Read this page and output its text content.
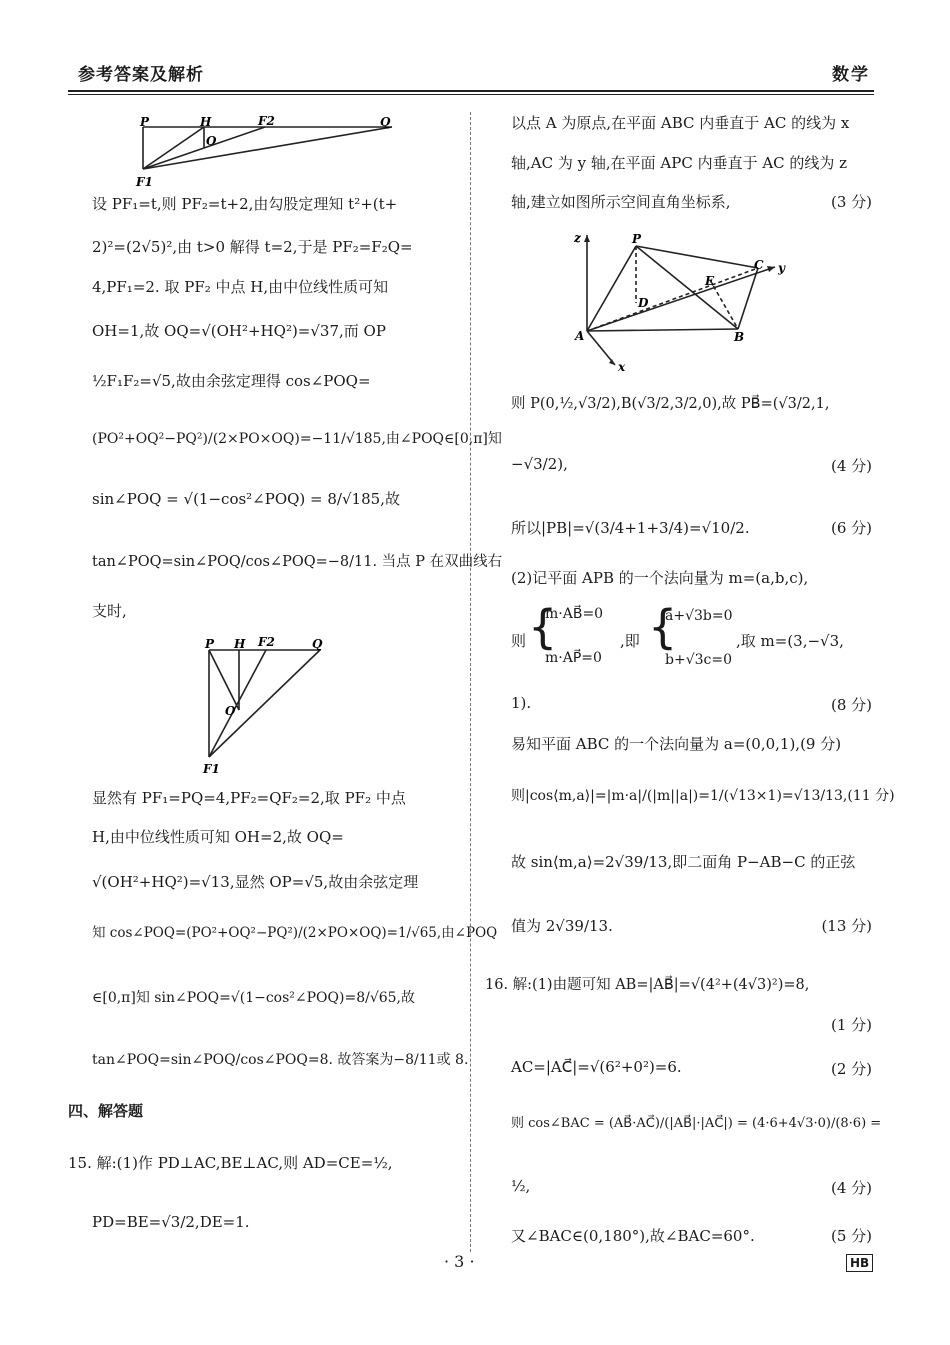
参考答案及解析	数学
P	H	F2	Q
O
F1
设 PF₁=t,则 PF₂=t+2,由勾股定理知 t²+(t+
2)²=(2√5)²,由 t>0 解得 t=2,于是 PF₂=F₂Q=
4,PF₁=2. 取 PF₂ 中点 H,由中位线性质可知
OH=1,故 OQ=√(OH²+HQ²)=√37,而 OP
½F₁F₂=√5,故由余弦定理得 cos∠POQ=
(PO²+OQ²−PQ²)/(2×PO×OQ)=−11/√185,由∠POQ∈[0,π]知
sin∠POQ = √(1−cos²∠POQ) = 8/√185,故
tan∠POQ=sin∠POQ/cos∠POQ=−8/11. 当点 P 在双曲线右
支时,
P H F2	Q
O
F1
显然有 PF₁=PQ=4,PF₂=QF₂=2,取 PF₂ 中点
H,由中位线性质可知 OH=2,故 OQ=
√(OH²+HQ²)=√13,显然 OP=√5,故由余弦定理
知 cos∠POQ=(PO²+OQ²−PQ²)/(2×PO×OQ)=1/√65,由∠POQ
∈[0,π]知 sin∠POQ=√(1−cos²∠POQ)=8/√65,故
tan∠POQ=sin∠POQ/cos∠POQ=8. 故答案为−8/11或 8.
四、解答题
15. 解:(1)作 PD⊥AC,BE⊥AC,则 AD=CE=½,
PD=BE=√3/2,DE=1.
以点 A 为原点,在平面 ABC 内垂直于 AC 的线为 x
轴,AC 为 y 轴,在平面 APC 内垂直于 AC 的线为 z
轴,建立如图所示空间直角坐标系,	(3 分)
z	P
C y
E
D
A	B
x
则 P(0,½,√3/2),B(√3/2,3/2,0),故 PB⃗=(√3/2,1,
−√3/2),	(4 分)
所以|PB|=√(3/4+1+3/4)=√10/2.	(6 分)
(2)记平面 APB 的一个法向量为 m=(a,b,c),
则 {
m·AB⃗=0
m·AP⃗=0
,即 {
a+√3b=0
b+√3c=0
,取 m=(3,−√3,
1).	(8 分)
易知平面 ABC 的一个法向量为 a=(0,0,1),(9 分)
则|cos⟨m,a⟩|=|m·a|/(|m||a|)=1/(√13×1)=√13/13,(11 分)
故 sin⟨m,a⟩=2√39/13,即二面角 P−AB−C 的正弦
值为 2√39/13.	(13 分)
16. 解:(1)由题可知 AB=|AB⃗|=√(4²+(4√3)²)=8,
(1 分)
AC=|AC⃗|=√(6²+0²)=6.	(2 分)
则 cos∠BAC = (AB⃗·AC⃗)/(|AB⃗|·|AC⃗|) = (4·6+4√3·0)/(8·6) =
½,	(4 分)
又∠BAC∈(0,180°),故∠BAC=60°.	(5 分)
· 3 ·	HB
